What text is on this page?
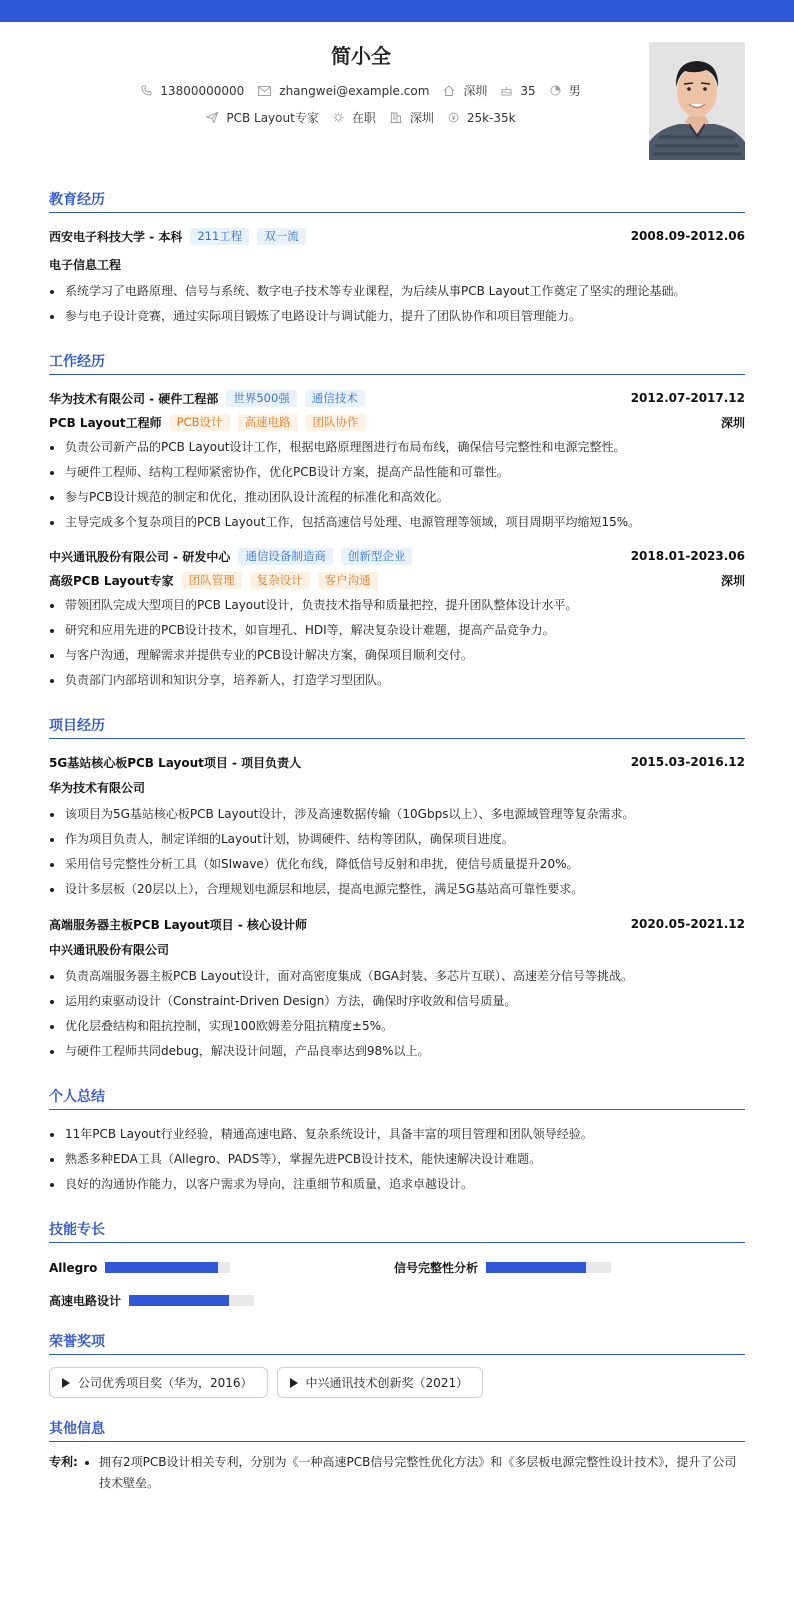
简小全
13800000000	zhangwei@example.com	深圳	35	男
PCB Layout专家	在职	深圳	25k-35k
教育经历
西安电子科技大学 - 本科	211工程	双一流	2008.09-2012.06
电子信息工程
系统学习了电路原理、信号与系统、数字电子技术等专业课程，为后续从事PCB Layout工作奠定了坚实的理论基础。
参与电子设计竞赛，通过实际项目锻炼了电路设计与调试能力，提升了团队协作和项目管理能力。
工作经历
华为技术有限公司 - 硬件工程部	世界500强	通信技术	2012.07-2017.12
PCB Layout工程师	PCB设计	高速电路	团队协作	深圳
负责公司新产品的PCB Layout设计工作，根据电路原理图进行布局布线，确保信号完整性和电源完整性。
与硬件工程师、结构工程师紧密协作，优化PCB设计方案，提高产品性能和可靠性。
参与PCB设计规范的制定和优化，推动团队设计流程的标准化和高效化。
主导完成多个复杂项目的PCB Layout工作，包括高速信号处理、电源管理等领域，项目周期平均缩短15%。
中兴通讯股份有限公司 - 研发中心	通信设备制造商	创新型企业	2018.01-2023.06
高级PCB Layout专家	团队管理	复杂设计	客户沟通	深圳
带领团队完成大型项目的PCB Layout设计，负责技术指导和质量把控，提升团队整体设计水平。
研究和应用先进的PCB设计技术，如盲埋孔、HDI等，解决复杂设计难题，提高产品竞争力。
与客户沟通，理解需求并提供专业的PCB设计解决方案，确保项目顺利交付。
负责部门内部培训和知识分享，培养新人，打造学习型团队。
项目经历
5G基站核心板PCB Layout项目 - 项目负责人	2015.03-2016.12
华为技术有限公司
该项目为5G基站核心板PCB Layout设计，涉及高速数据传输（10Gbps以上）、多电源域管理等复杂需求。
作为项目负责人，制定详细的Layout计划，协调硬件、结构等团队，确保项目进度。
采用信号完整性分析工具（如SIwave）优化布线，降低信号反射和串扰，使信号质量提升20%。
设计多层板（20层以上），合理规划电源层和地层，提高电源完整性，满足5G基站高可靠性要求。
高端服务器主板PCB Layout项目 - 核心设计师	2020.05-2021.12
中兴通讯股份有限公司
负责高端服务器主板PCB Layout设计，面对高密度集成（BGA封装、多芯片互联）、高速差分信号等挑战。
运用约束驱动设计（Constraint-Driven Design）方法，确保时序收敛和信号质量。
优化层叠结构和阻抗控制，实现100欧姆差分阻抗精度±5%。
与硬件工程师共同debug，解决设计问题，产品良率达到98%以上。
个人总结
11年PCB Layout行业经验，精通高速电路、复杂系统设计，具备丰富的项目管理和团队领导经验。
熟悉多种EDA工具（Allegro、PADS等），掌握先进PCB设计技术，能快速解决设计难题。
良好的沟通协作能力，以客户需求为导向，注重细节和质量，追求卓越设计。
技能专长
Allegro	信号完整性分析
高速电路设计
荣誉奖项
公司优秀项目奖（华为，2016）	中兴通讯技术创新奖（2021）
其他信息
专利:	拥有2项PCB设计相关专利，分别为《一种高速PCB信号完整性优化方法》和《多层板电源完整性设计技术》，提升了公司技术壁垒。
